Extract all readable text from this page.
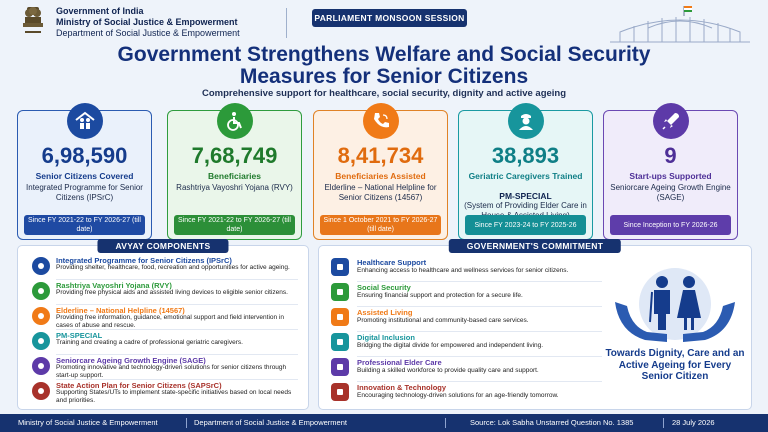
Government of India
Ministry of Social Justice & Empowerment
Department of Social Justice & Empowerment
PARLIAMENT MONSOON SESSION
Government Strengthens Welfare and Social Security
Measures for Senior Citizens
Comprehensive support for healthcare, social security, dignity and active ageing
6,98,590
Senior Citizens Covered
Integrated Programme for Senior Citizens (IPSrC)
Since FY 2021-22 to FY 2026-27 (till date)
7,68,749
Beneficiaries
Rashtriya Vayoshri Yojana (RVY)
Since FY 2021-22 to FY 2026-27 (till date)
8,41,734
Beneficiaries Assisted
Elderline – National Helpline for Senior Citizens (14567)
Since 1 October 2021 to FY 2026-27 (till date)
38,893
Geriatric Caregivers Trained
PM-SPECIAL
(System of Providing Elder Care in
Since FY 2023-24 to FY 2025-26
9
Start-ups Supported
Seniorcare Ageing Growth Engine (SAGE)
Since Inception to FY 2026-26
AVYAY COMPONENTS
Integrated Programme for Senior Citizens (IPSrC)
Providing shelter, healthcare, food, recreation and opportunities for active ageing.
Rashtriya Vayoshri Yojana (RVY)
Providing free physical aids and assisted living devices to eligible senior citizens.
Elderline – National Helpline (14567)
Providing free information, guidance, emotional support and field intervention in cases of abuse and rescue.
PM-SPECIAL
Training and creating a cadre of professional geriatric caregivers.
Seniorcare Ageing Growth Engine (SAGE)
Promoting innovative and technology-driven solutions for senior citizens through start-up support.
State Action Plan for Senior Citizens (SAPSrC)
Supporting States/UTs to implement state-specific initiatives based on local needs and priorities.
GOVERNMENT'S COMMITMENT
Healthcare Support
Enhancing access to healthcare and wellness services for senior citizens.
Social Security
Ensuring financial support and protection for a secure life.
Assisted Living
Promoting institutional and community-based care services.
Digital Inclusion
Bridging the digital divide for empowered and independent living.
Professional Elder Care
Building a skilled workforce to provide quality care and support.
Innovation & Technology
Encouraging technology-driven solutions for an age-friendly tomorrow.
Towards Dignity, Care and an Active Ageing for Every Senior Citizen
Ministry of Social Justice & Empowerment	Department of Social Justice & Empowerment	Source: Lok Sabha Unstarred Question No. 1385	28 July 2026
